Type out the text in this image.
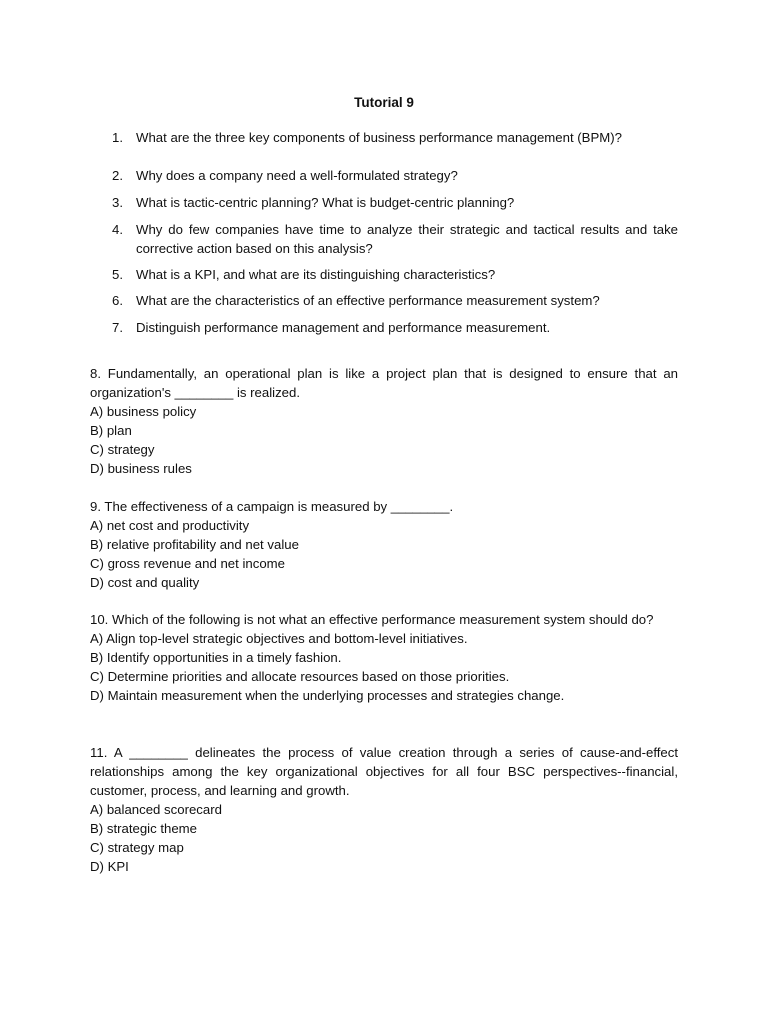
Tutorial 9
1. What are the three key components of business performance management (BPM)?
2. Why does a company need a well-formulated strategy?
3. What is tactic-centric planning? What is budget-centric planning?
4. Why do few companies have time to analyze their strategic and tactical results and take corrective action based on this analysis?
5. What is a KPI, and what are its distinguishing characteristics?
6. What are the characteristics of an effective performance measurement system?
7. Distinguish performance management and performance measurement.
8. Fundamentally, an operational plan is like a project plan that is designed to ensure that an organization's ________ is realized.
A) business policy
B) plan
C) strategy
D) business rules
9. The effectiveness of a campaign is measured by ________.
A) net cost and productivity
B) relative profitability and net value
C) gross revenue and net income
D) cost and quality
10. Which of the following is not what an effective performance measurement system should do?
A) Align top-level strategic objectives and bottom-level initiatives.
B) Identify opportunities in a timely fashion.
C) Determine priorities and allocate resources based on those priorities.
D) Maintain measurement when the underlying processes and strategies change.
11. A ________ delineates the process of value creation through a series of cause-and-effect relationships among the key organizational objectives for all four BSC perspectives--financial, customer, process, and learning and growth.
A) balanced scorecard
B) strategic theme
C) strategy map
D) KPI
